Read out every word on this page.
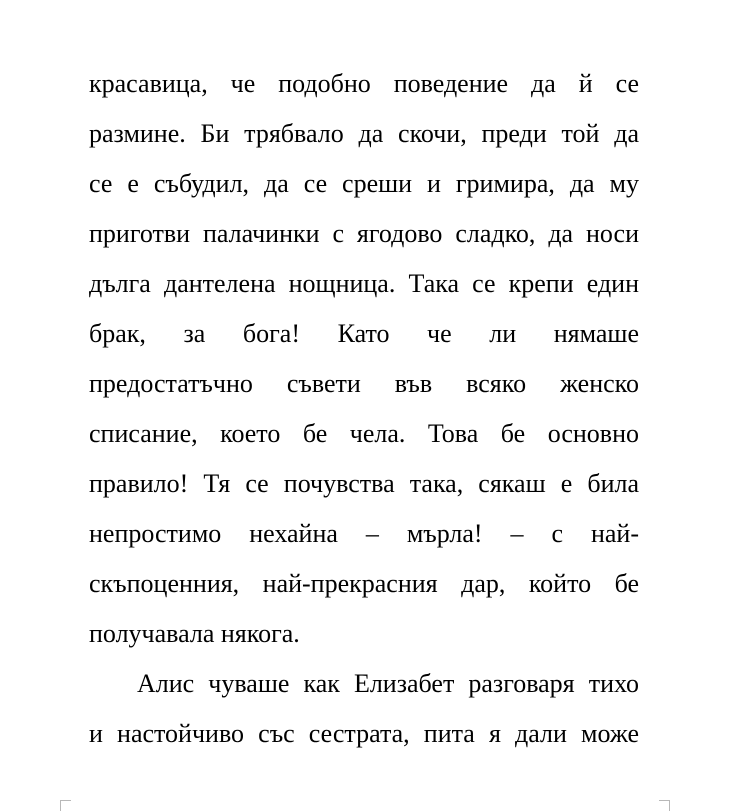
красавица, че подобно поведение да й се
размине. Би трябвало да скочи, преди той да
се е събудил, да се среши и гримира, да му
приготви палачинки с ягодово сладко, да носи
дълга дантелена нощница. Така се крепи един
брак, за бога! Като че ли нямаше
предостатъчно съвети във всяко женско
списание, което бе чела. Това бе основно
правило! Тя се почувства така, сякаш е била
непростимо нехайна – мърла! – с най-
скъпоценния, най-прекрасния дар, който бе
получавала някога.
Алис чуваше как Елизабет разговаря тихо
и настойчиво със сестрата, пита я дали може
